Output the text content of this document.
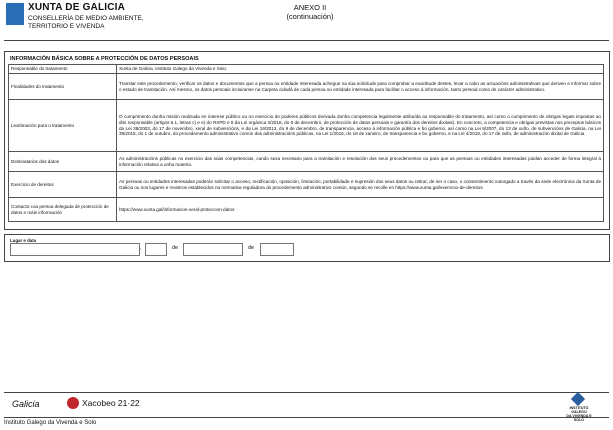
XUNTA DE GALICIA
CONSELLERÍA DE MEDIO AMBIENTE,
TERRITORIO E VIVENDA
ANEXO II
(continuación)
INFORMACIÓN BÁSICA SOBRE A PROTECCIÓN DE DATOS PERSOAIS
Responsable do tratamento	Xunta de Galicia. Instituto Galego da Vivenda e Solo.
Finalidades do tratamento	Tramitar este procedemento, verificar os datos e documentos que a persoa ou entidade interesada achegue na súa solicitude para comprobar a exactitude destes, levar a cabo as actuacións administrativas que deriven e informar sobre o estado de tramitación. Así mesmo, os datos persoais incluiranse na Carpeta cidadá de cada persoa ou entidade interesada para facilitar o acceso á información, tanto persoal como de carácter administrativo.
Lexitimación para o tratamento	O cumprimento dunha misión realizada en interese público ou no exercicio de poderes públicos derivada dunha competencia legalmente atribuída ao responsable do tratamento, así como o cumprimento de obrigas legais impostas ao dito responsable (artigos 6.1, letras c) e e) do RXPD e 8 da Lei orgánica 3/2018, do 5 de decembro, de protección de datos persoais e garantía dos dereitos dixitais). En concreto, a competencia e obrigas previstas nos preceptos básicos da Lei 38/2003, do 17 de novembro, xeral de subvencións, e da Lei 19/2013, do 9 de decembro, de transparencia, acceso á información pública e bo goberno, así como na Lei 9/2007, do 13 de xuño, de subvencións de Galicia, na Lei 39/2015, do 1 de outubro, do procedemento administrativo común das administracións públicas, na Lei 1/2016, do 18 de xaneiro, de transparencia e bo goberno, e na Lei 4/2019, do 17 de xullo, de administración dixital de Galicia
Destinatarios dos datos	As administracións públicas no exercicio das súas competencias, cando sexa necesario para a tramitación e resolución dos seus procedementos ou para que as persoas ou entidades interesadas poidan acceder de forma integral á información relativa a unha materia.
Exercicio de dereitos	As persoas ou entidades interesadas poderán solicitar o acceso, rectificación, oposición, limitación, portabilidade e supresión dos seus datos ou retirar, de ser o caso, o consentimento outorgado a través da sede electrónica da Xunta de Galicia ou nos lugares e rexistros establecidos na normativa reguladora do procedemento administrativo común, segundo se recolle en https://www.xunta.gal/exercicio-de-dereitos
Contacto coa persoa delegada de protección de datos e máis información	https://www.xunta.gal/informacion-xeral-proteccion-datos
Lugar e data
,	de	de
Galicia	Xacobeo 21·22	INSTITUTO GALEGO
DA VIVENDA E SOLO
Instituto Galego da Vivenda e Solo
